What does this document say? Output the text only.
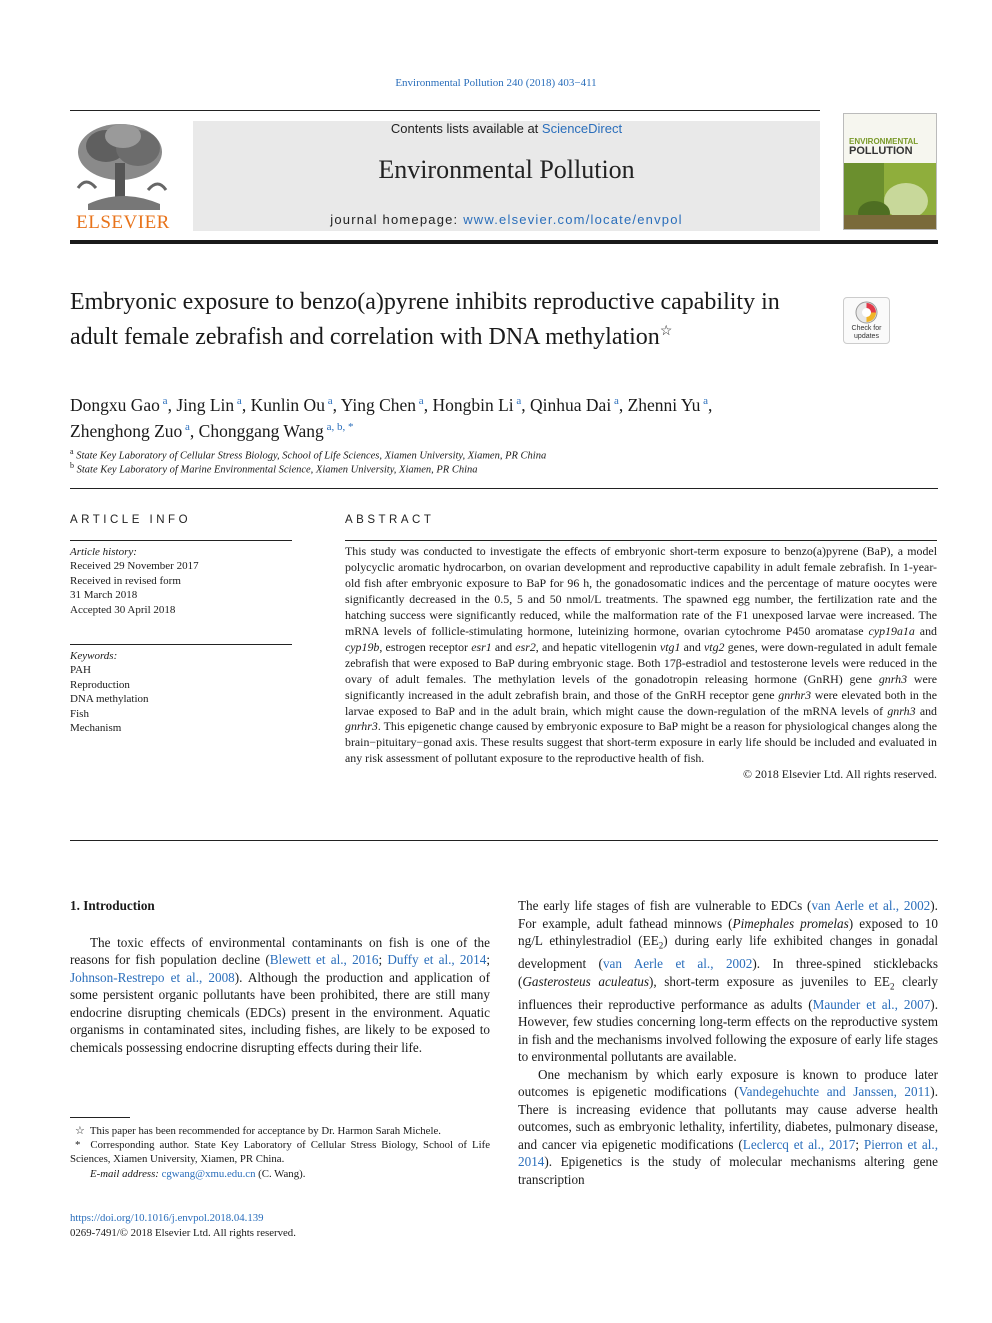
Environmental Pollution 240 (2018) 403−411
ELSEVIER
Contents lists available at ScienceDirect
Environmental Pollution
journal homepage: www.elsevier.com/locate/envpol
ENVIRONMENTAL
POLLUTION
Embryonic exposure to benzo(a)pyrene inhibits reproductive capability in adult female zebrafish and correlation with DNA methylation☆	Check for
updates
Dongxu Gao $^a$, Jing Lin $^a$, Kunlin Ou $^a$, Ying Chen $^a$, Hongbin Li $^a$, Qinhua Dai $^a$, Zhenni Yu $^a$,
Zhenghong Zuo $^a$, Chonggang Wang $^{a, b, *}$
$^a$ State Key Laboratory of Cellular Stress Biology, School of Life Sciences, Xiamen University, Xiamen, PR China
$^b$ State Key Laboratory of Marine Environmental Science, Xiamen University, Xiamen, PR China
ARTICLE INFO
Article history:
Received 29 November 2017
Received in revised form
31 March 2018
Accepted 30 April 2018
Keywords:
PAH
Reproduction
DNA methylation
Fish
Mechanism
ABSTRACT
This study was conducted to investigate the effects of embryonic short-term exposure to benzo(a)pyrene (BaP), a model polycyclic aromatic hydrocarbon, on ovarian development and reproductive capability in adult female zebrafish. In 1-year-old fish after embryonic exposure to BaP for 96 h, the gonadosomatic indices and the percentage of mature oocytes were significantly decreased in the 0.5, 5 and 50 nmol/L treatments. The spawned egg number, the fertilization rate and the hatching success were significantly reduced, while the malformation rate of the F1 unexposed larvae were increased. The mRNA levels of follicle-stimulating hormone, luteinizing hormone, ovarian cytochrome P450 aromatase cyp19a1a and cyp19b, estrogen receptor esr1 and esr2, and hepatic vitellogenin vtg1 and vtg2 genes, were down-regulated in adult female zebrafish that were exposed to BaP during embryonic stage. Both 17β-estradiol and testosterone levels were reduced in the ovary of adult females. The methylation levels of the gonadotropin releasing hormone (GnRH) gene gnrh3 were significantly increased in the adult zebrafish brain, and those of the GnRH receptor gene gnrhr3 were elevated both in the larvae exposed to BaP and in the adult brain, which might cause the down-regulation of the mRNA levels of gnrh3 and gnrhr3. This epigenetic change caused by embryonic exposure to BaP might be a reason for physiological changes along the brain−pituitary−gonad axis. These results suggest that short-term exposure in early life should be included and evaluated in any risk assessment of pollutant exposure to the reproductive health of fish.
© 2018 Elsevier Ltd. All rights reserved.
1. Introduction

The toxic effects of environmental contaminants on fish is one of the reasons for fish population decline (Blewett et al., 2016; Duffy et al., 2014; Johnson-Restrepo et al., 2008). Although the production and application of some persistent organic pollutants have been prohibited, there are still many endocrine disrupting chemicals (EDCs) present in the environment. Aquatic organisms in contaminated sites, including fishes, are likely to be exposed to chemicals possessing endocrine disrupting effects during their life.

The early life stages of fish are vulnerable to EDCs (van Aerle et al., 2002). For example, adult fathead minnows (Pimephales promelas) exposed to 10 ng/L ethinylestradiol $(EE_2)$ during early life exhibited changes in gonadal development (van Aerle et al., 2002). In three-spined sticklebacks (Gasterosteus aculeatus), short-term exposure as juveniles to $EE_2$ clearly influences their reproductive performance as adults (Maunder et al., 2007). However, few studies concerning long-term effects on the reproductive system in fish and the mechanisms involved following the exposure of early life stages to environmental pollutants are available.

One mechanism by which early exposure is known to produce later outcomes is epigenetic modifications (Vandegehuchte and Janssen, 2011). There is increasing evidence that pollutants may cause adverse health outcomes, such as embryonic lethality, infertility, diabetes, pulmonary disease, and cancer via epigenetic modifications (Leclercq et al., 2017; Pierron et al., 2014). Epigenetics is the study of molecular mechanisms altering gene transcription

☆ This paper has been recommended for acceptance by Dr. Harmon Sarah Michele.
* Corresponding author. State Key Laboratory of Cellular Stress Biology, School of Life Sciences, Xiamen University, Xiamen, PR China.
E-mail address: cgwang@xmu.edu.cn (C. Wang).
https://doi.org/10.1016/j.envpol.2018.04.139
0269-7491/© 2018 Elsevier Ltd. All rights reserved.
